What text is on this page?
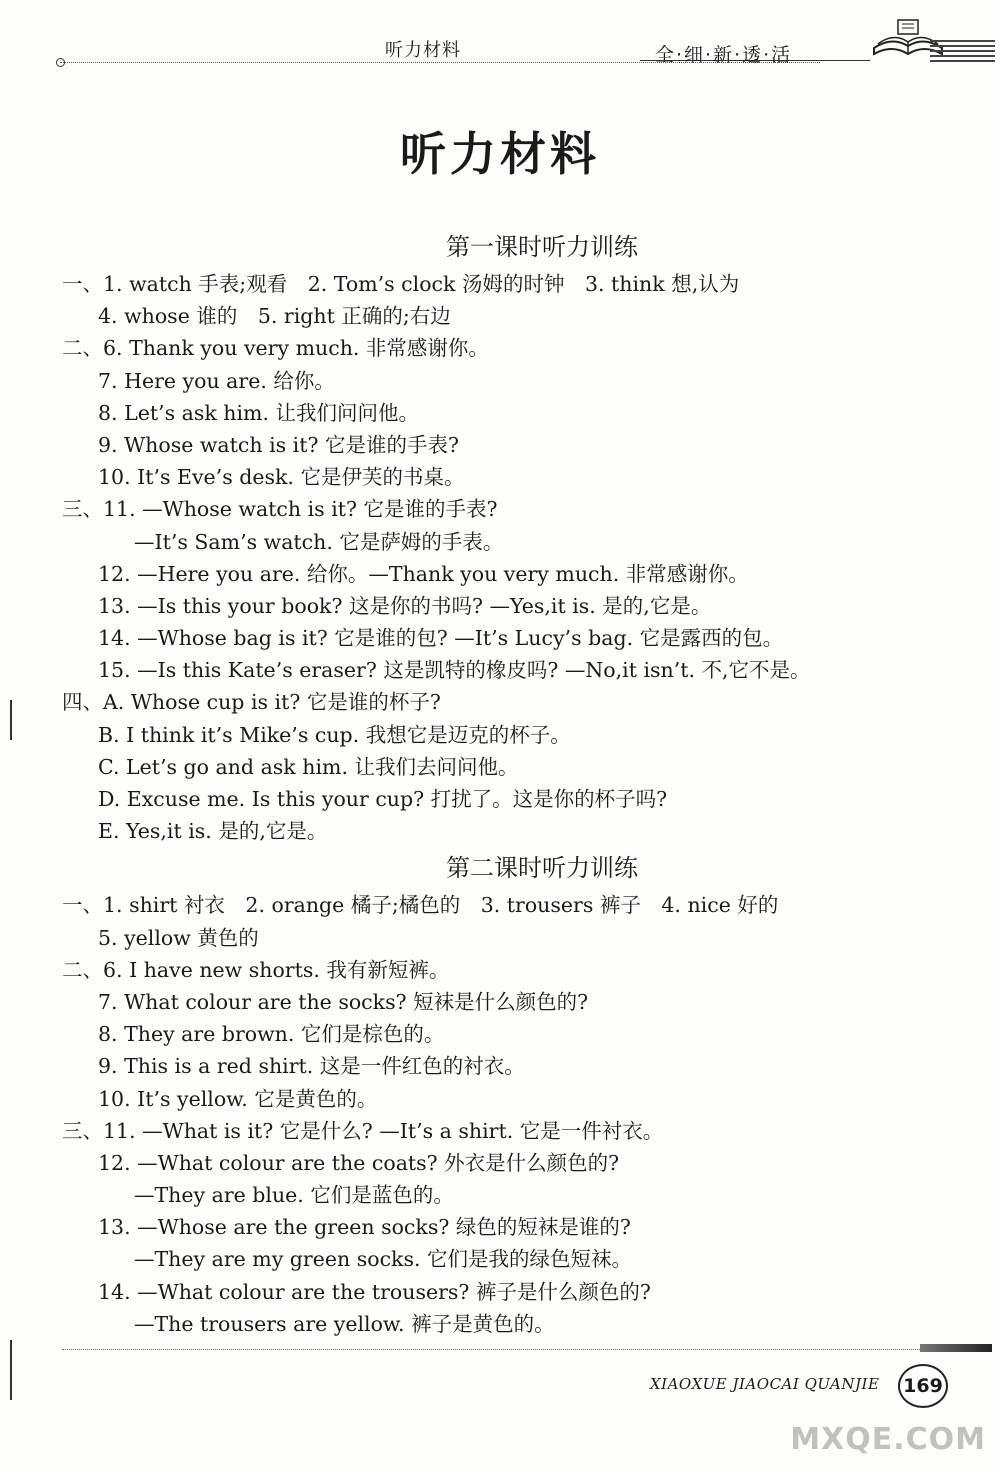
听力材料	全·细·新·透·活
听力材料
第一课时听力训练
一、1. watch 手表;观看　2. Tom’s clock 汤姆的时钟　3. think 想,认为
4. whose 谁的　5. right 正确的;右边
二、6. Thank you very much. 非常感谢你。
7. Here you are. 给你。
8. Let’s ask him. 让我们问问他。
9. Whose watch is it? 它是谁的手表?
10. It’s Eve’s desk. 它是伊芙的书桌。
三、11. —Whose watch is it? 它是谁的手表?
—It’s Sam’s watch. 它是萨姆的手表。
12. —Here you are. 给你。—Thank you very much. 非常感谢你。
13. —Is this your book? 这是你的书吗? —Yes,it is. 是的,它是。
14. —Whose bag is it? 它是谁的包? —It’s Lucy’s bag. 它是露西的包。
15. —Is this Kate’s eraser? 这是凯特的橡皮吗? —No,it isn’t. 不,它不是。
四、A. Whose cup is it? 它是谁的杯子?
B. I think it’s Mike’s cup. 我想它是迈克的杯子。
C. Let’s go and ask him. 让我们去问问他。
D. Excuse me. Is this your cup? 打扰了。这是你的杯子吗?
E. Yes,it is. 是的,它是。
第二课时听力训练
一、1. shirt 衬衣　2. orange 橘子;橘色的　3. trousers 裤子　4. nice 好的
5. yellow 黄色的
二、6. I have new shorts. 我有新短裤。
7. What colour are the socks? 短袜是什么颜色的?
8. They are brown. 它们是棕色的。
9. This is a red shirt. 这是一件红色的衬衣。
10. It’s yellow. 它是黄色的。
三、11. —What is it? 它是什么? —It’s a shirt. 它是一件衬衣。
12. —What colour are the coats? 外衣是什么颜色的?
—They are blue. 它们是蓝色的。
13. —Whose are the green socks? 绿色的短袜是谁的?
—They are my green socks. 它们是我的绿色短袜。
14. —What colour are the trousers? 裤子是什么颜色的?
—The trousers are yellow. 裤子是黄色的。
XIAOXUE JIAOCAI QUANJIE 169
MXQE.COM
